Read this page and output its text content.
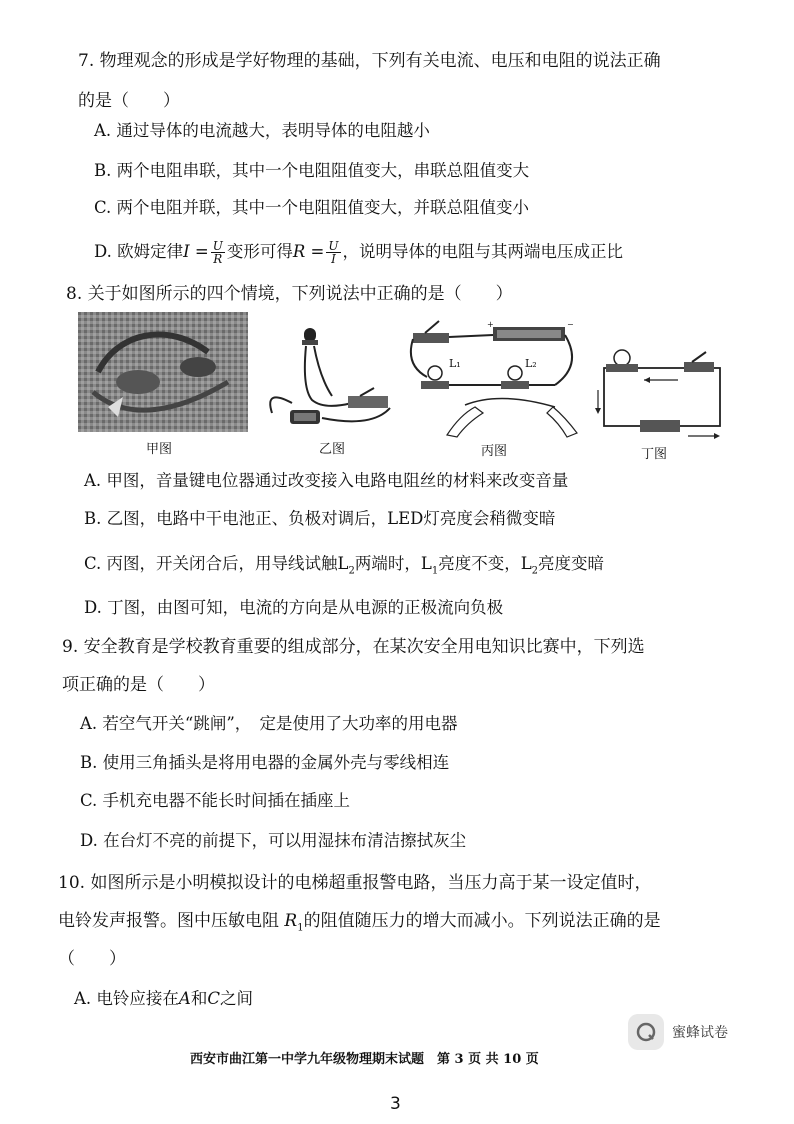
7. 物理观念的形成是学好物理的基础，下列有关电流、电压和电阻的说法正确
的是（　　）
A. 通过导体的电流越大，表明导体的电阻越小
B. 两个电阻串联，其中一个电阻阻值变大，串联总阻值变大
C. 两个电阻并联，其中一个电阻阻值变大，并联总阻值变小
D. 欧姆定律$I = \frac{U}{R}$ 变形可得$R = \frac{U}{I}$ ，说明导体的电阻与其两端电压成正比
8. 关于如图所示的四个情境，下列说法中正确的是（　　）
+	−
L₁	L₂
甲图	乙图	丙图	丁图
A. 甲图，音量键电位器通过改变接入电路电阻丝的材料来改变音量
B. 乙图，电路中干电池正、负极对调后，LED灯亮度会稍微变暗
C. 丙图，开关闭合后，用导线试触$L_2$两端时，$L_1$亮度不变，$L_2$亮度变暗
D. 丁图，由图可知，电流的方向是从电源的正极流向负极
9. 安全教育是学校教育重要的组成部分，在某次安全用电知识比赛中，下列选
项正确的是（　　）
A. 若空气开关“跳闸”，　定是使用了大功率的用电器
B. 使用三角插头是将用电器的金属外壳与零线相连
C. 手机充电器不能长时间插在插座上
D. 在台灯不亮的前提下，可以用湿抹布清洁擦拭灰尘
10. 如图所示是小明模拟设计的电梯超重报警电路，当压力高于某一设定值时，
电铃发声报警。图中压敏电阻 $R_1$的阻值随压力的增大而减小。下列说法正确的是
（　　）
A. 电铃应接在A和C之间
蜜蜂试卷
西安市曲江第一中学九年级物理期末试题　第 3 页 共 10 页
3
